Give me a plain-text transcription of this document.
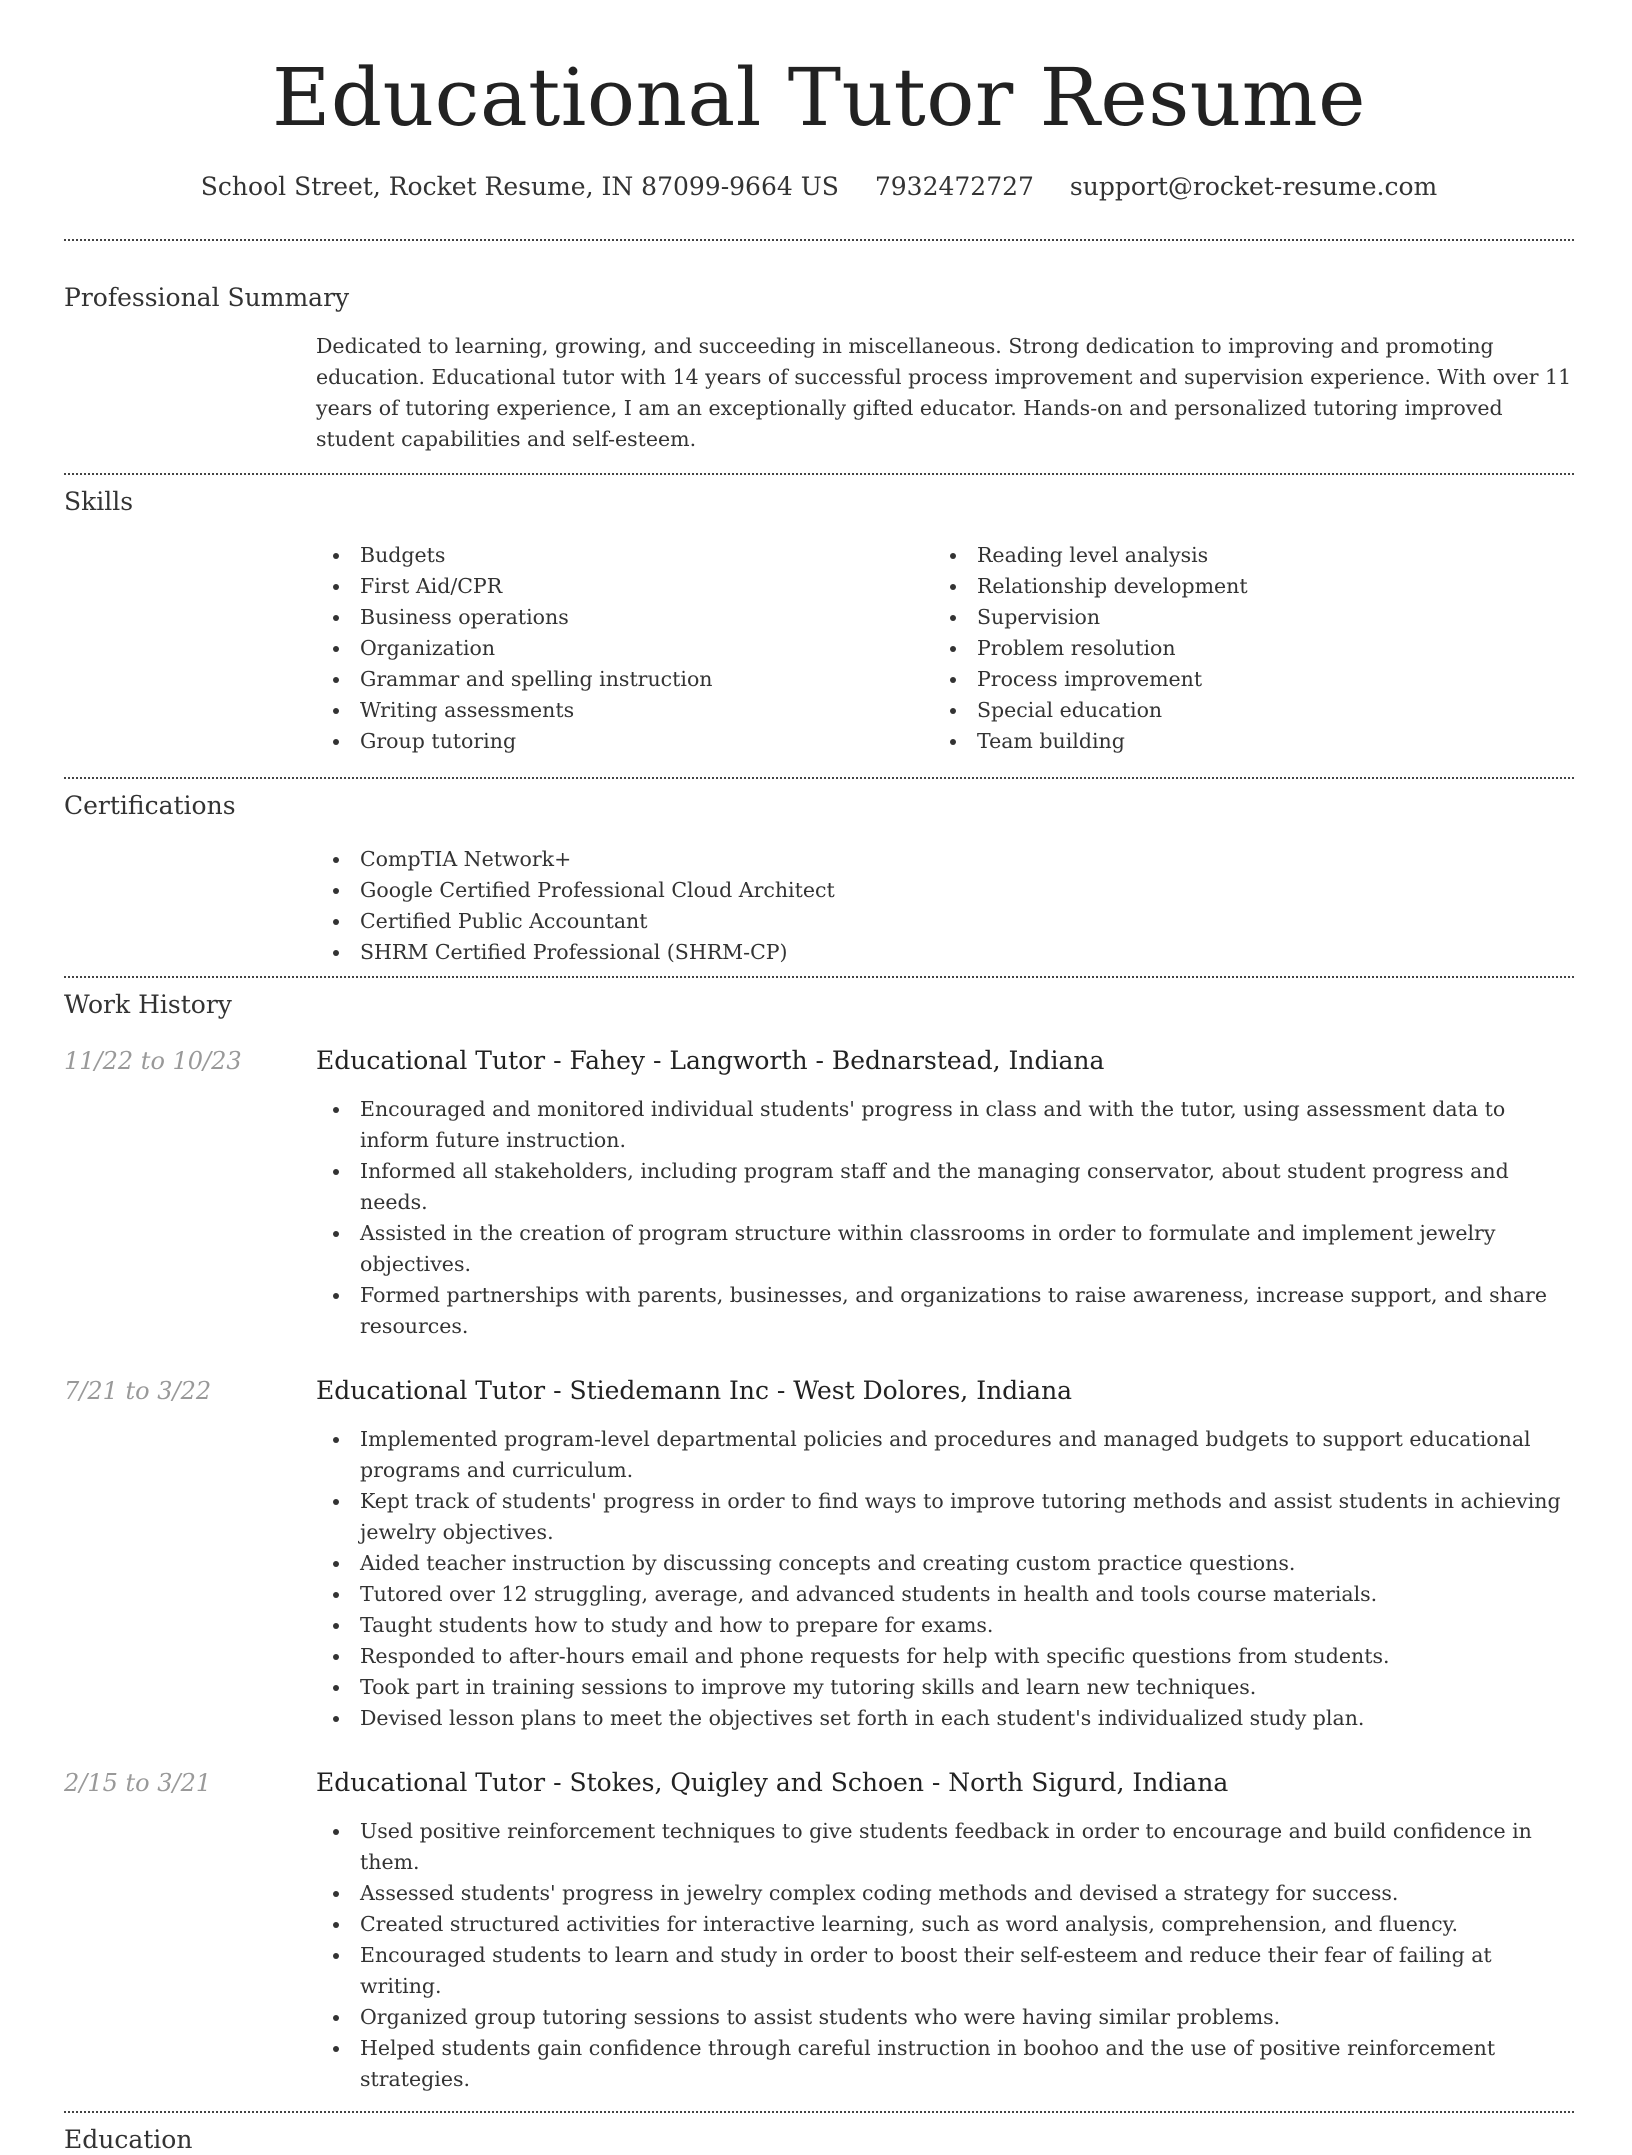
Educational Tutor Resume
School Street, Rocket Resume, IN 87099-9664 US 7932472727 support@rocket-resume.com
Professional Summary
Dedicated to learning, growing, and succeeding in miscellaneous. Strong dedication to improving and promoting education. Educational tutor with 14 years of successful process improvement and supervision experience. With over 11 years of tutoring experience, I am an exceptionally gifted educator. Hands-on and personalized tutoring improved student capabilities and self-esteem.
Skills
Budgets
First Aid/CPR
Business operations
Organization
Grammar and spelling instruction
Writing assessments
Group tutoring
Reading level analysis
Relationship development
Supervision
Problem resolution
Process improvement
Special education
Team building
Certifications
CompTIA Network+
Google Certified Professional Cloud Architect
Certified Public Accountant
SHRM Certified Professional (SHRM-CP)
Work History
11/22 to 10/23	Educational Tutor - Fahey - Langworth - Bednarstead, Indiana
Encouraged and monitored individual students' progress in class and with the tutor, using assessment data to inform future instruction.
Informed all stakeholders, including program staff and the managing conservator, about student progress and needs.
Assisted in the creation of program structure within classrooms in order to formulate and implement jewelry objectives.
Formed partnerships with parents, businesses, and organizations to raise awareness, increase support, and share resources.
7/21 to 3/22	Educational Tutor - Stiedemann Inc - West Dolores, Indiana
Implemented program-level departmental policies and procedures and managed budgets to support educational programs and curriculum.
Kept track of students' progress in order to find ways to improve tutoring methods and assist students in achieving jewelry objectives.
Aided teacher instruction by discussing concepts and creating custom practice questions.
Tutored over 12 struggling, average, and advanced students in health and tools course materials.
Taught students how to study and how to prepare for exams.
Responded to after-hours email and phone requests for help with specific questions from students.
Took part in training sessions to improve my tutoring skills and learn new techniques.
Devised lesson plans to meet the objectives set forth in each student's individualized study plan.
2/15 to 3/21	Educational Tutor - Stokes, Quigley and Schoen - North Sigurd, Indiana
Used positive reinforcement techniques to give students feedback in order to encourage and build confidence in them.
Assessed students' progress in jewelry complex coding methods and devised a strategy for success.
Created structured activities for interactive learning, such as word analysis, comprehension, and fluency.
Encouraged students to learn and study in order to boost their self-esteem and reduce their fear of failing at writing.
Organized group tutoring sessions to assist students who were having similar problems.
Helped students gain confidence through careful instruction in boohoo and the use of positive reinforcement strategies.
Education
